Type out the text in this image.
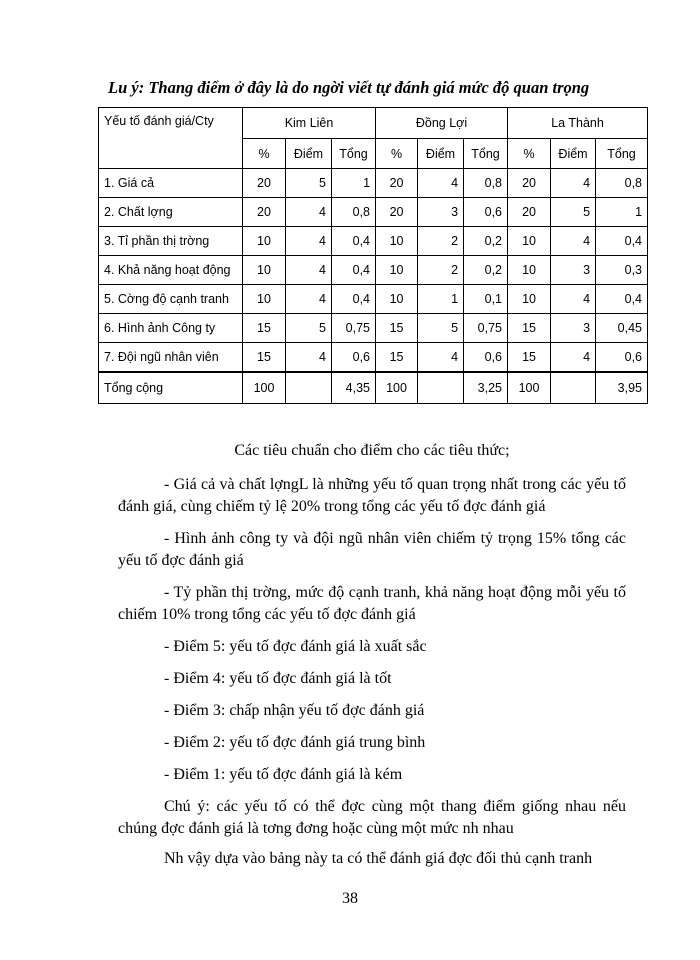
Lu ý: Thang điểm ở đây là do ngời viết tự đánh giá mức độ quan trọng
Yếu tố đánh giá/Cty	Kim Liên			Đồng Lợi			La Thành		
	%	Điểm	Tổng	%	Điểm	Tổng	%	Điểm	Tổng
1. Giá cả	20	5	1	20	4	0,8	20	4	0,8
2. Chất lợng	20	4	0,8	20	3	0,6	20	5	1
3. Tỉ phần thị trờng	10	4	0,4	10	2	0,2	10	4	0,4
4. Khả năng hoạt động	10	4	0,4	10	2	0,2	10	3	0,3
5. Cờng độ cạnh tranh	10	4	0,4	10	1	0,1	10	4	0,4
6. Hình ảnh Công ty	15	5	0,75	15	5	0,75	15	3	0,45
7. Đội ngũ nhân viên	15	4	0,6	15	4	0,6	15	4	0,6
Tổng cộng	100		4,35	100		3,25	100		3,95

Các tiêu chuẩn cho điểm cho các tiêu thức;

- Giá cả và chất lợngL là những yếu tố quan trọng nhất trong các yếu tố đánh giá, cùng chiếm tỷ lệ 20% trong tổng các yếu tố đợc đánh giá

- Hình ảnh công ty và đội ngũ nhân viên chiếm tỷ trọng 15% tổng các yếu tố đợc đánh giá

- Tỷ phần thị trờng, mức độ cạnh tranh, khả năng hoạt động mỗi yếu tố chiếm 10% trong tổng các yếu tố đợc đánh giá

- Điểm 5: yếu tố đợc đánh giá là xuất sắc

- Điểm 4: yếu tố đợc đánh giá là tốt

- Điểm 3: chấp nhận yếu tố đợc đánh giá

- Điểm 2: yếu tố đợc đánh giá trung bình

- Điểm 1: yếu tố đợc đánh giá là kém

Chú ý: các yếu tố có thể đợc cùng một thang điểm giống nhau nếu chúng đợc đánh giá là tơng đơng hoặc cùng một mức nh nhau

Nh vậy dựa vào bảng này ta có thể đánh giá đợc đối thủ cạnh tranh

38
